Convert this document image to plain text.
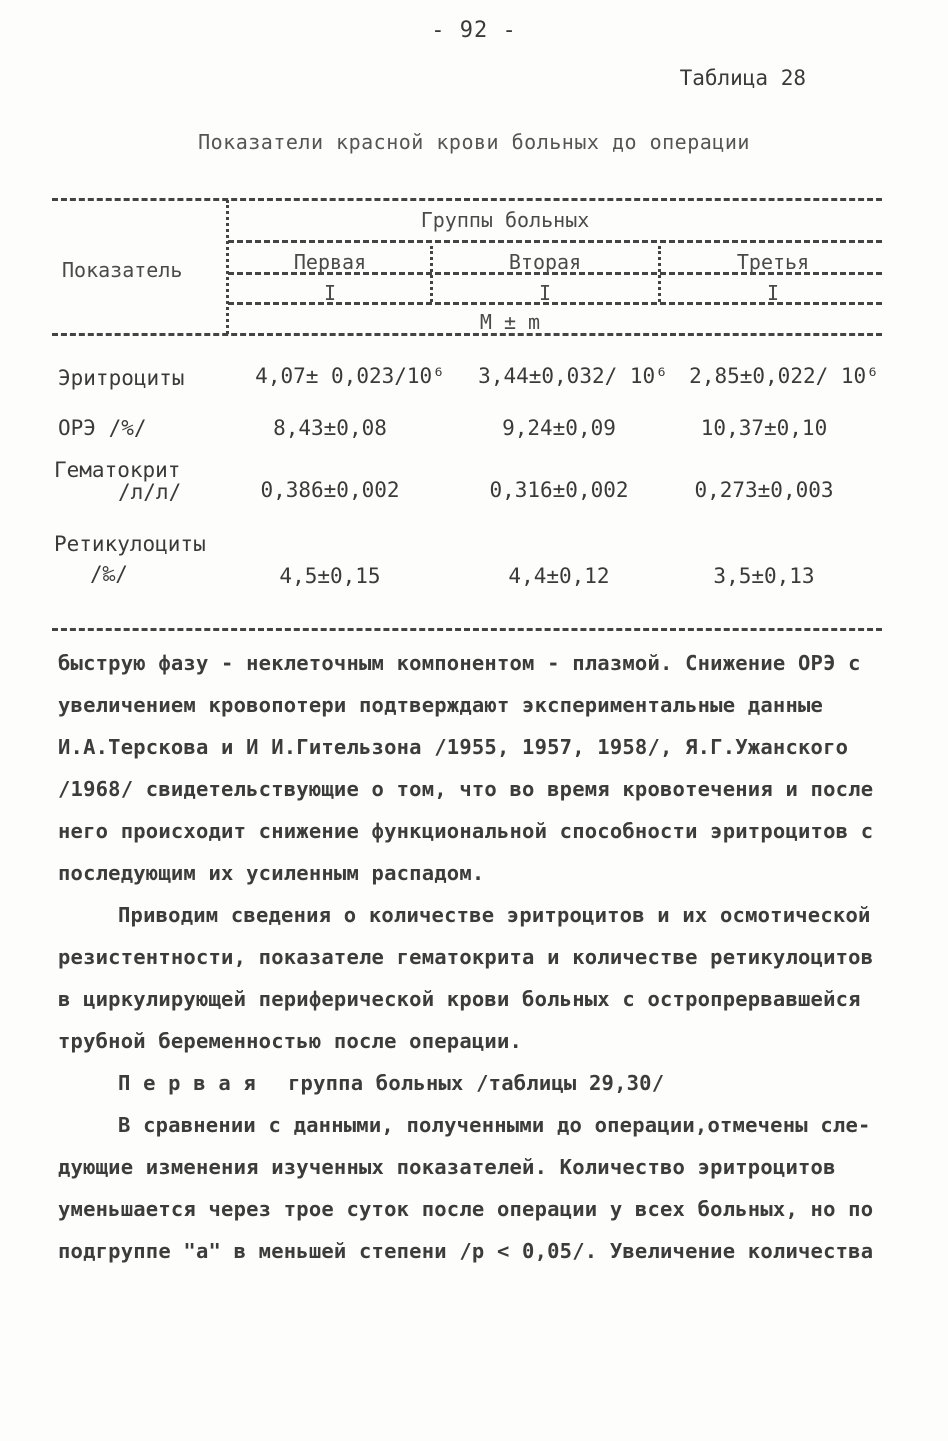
- 92 -
Таблица 28
Показатели красной крови больных до операции
Показатель
Группы больных
Первая	Вторая	Третья
I	I	I
M ± m
Эритроциты	4,07± 0,023/10⁶	3,44±0,032/ 10⁶	2,85±0,022/ 10⁶
ОРЭ /%/	8,43±0,08	9,24±0,09	10,37±0,10
Гематокрит
/л/л/	0,386±0,002	0,316±0,002	0,273±0,003
Ретикулоциты
/‰/	4,5±0,15	4,4±0,12	3,5±0,13
быструю фазу - неклеточным компонентом - плазмой. Снижение ОРЭ с
увеличением кровопотери подтверждают экспериментальные данные
И.А.Терскова и И И.Гительзона /1955, 1957, 1958/, Я.Г.Ужанского
/1968/ свидетельствующие о том, что во время кровотечения и после
него происходит снижение функциональной способности эритроцитов с
последующим их усиленным распадом.
Приводим сведения о количестве эритроцитов и их осмотической
резистентности, показателе гематокрита и количестве ретикулоцитов
в циркулирующей периферической крови больных с остропрервавшейся
трубной беременностью после операции.
П е р в а я группа больных /таблицы 29,30/
В сравнении с данными, полученными до операции,отмечены сле-
дующие изменения изученных показателей. Количество эритроцитов
уменьшается через трое суток после операции у всех больных, но по
подгруппе "а" в меньшей степени /р < 0,05/. Увеличение количества
